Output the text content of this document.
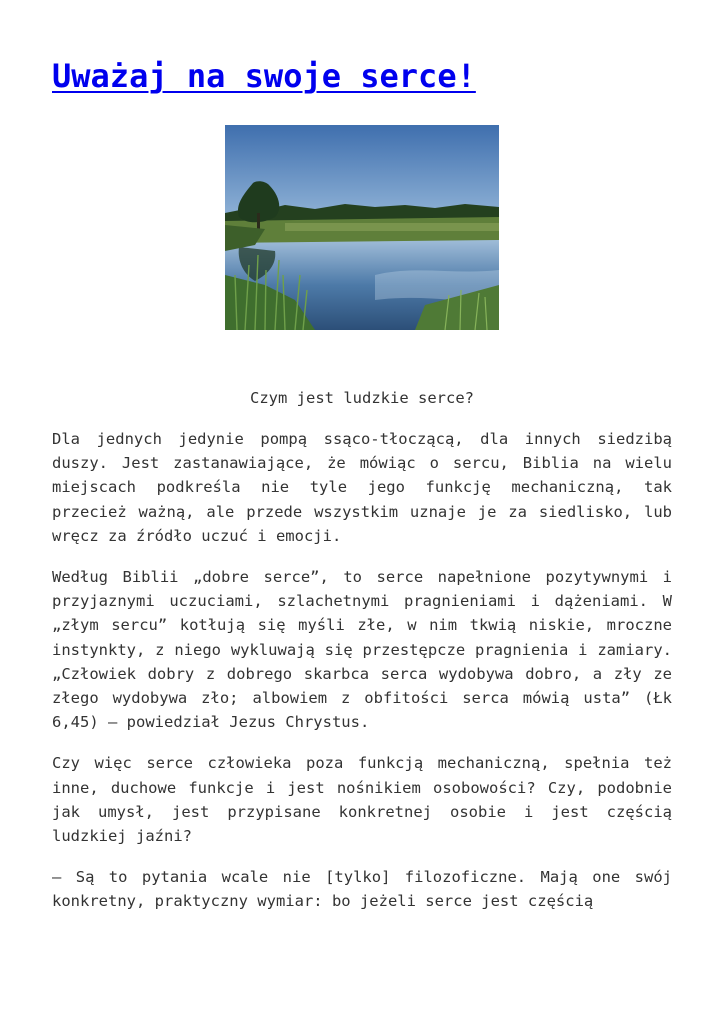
Uważaj na swoje serce!

Czym jest ludzkie serce?

Dla jednych jedynie pompą ssąco-tłoczącą, dla innych siedzibą duszy. Jest zastanawiające, że mówiąc o sercu, Biblia na wielu miejscach podkreśla nie tyle jego funkcję mechaniczną, tak przecież ważną, ale przede wszystkim uznaje je za siedlisko, lub wręcz za źródło uczuć i emocji.

Według Biblii „dobre serce”, to serce napełnione pozytywnymi i przyjaznymi uczuciami, szlachetnymi pragnieniami i dążeniami. W „złym sercu” kotłują się myśli złe, w nim tkwią niskie, mroczne instynkty, z niego wykluwają się przestępcze pragnienia i zamiary. „Człowiek dobry z dobrego skarbca serca wydobywa dobro, a zły ze złego wydobywa zło; albowiem z obfitości serca mówią usta” (Łk 6,45) – powiedział Jezus Chrystus.

Czy więc serce człowieka poza funkcją mechaniczną, spełnia też inne, duchowe funkcje i jest nośnikiem osobowości? Czy, podobnie jak umysł, jest przypisane konkretnej osobie i jest częścią ludzkiej jaźni?

– Są to pytania wcale nie [tylko] filozoficzne. Mają one swój konkretny, praktyczny wymiar: bo jeżeli serce jest częścią
